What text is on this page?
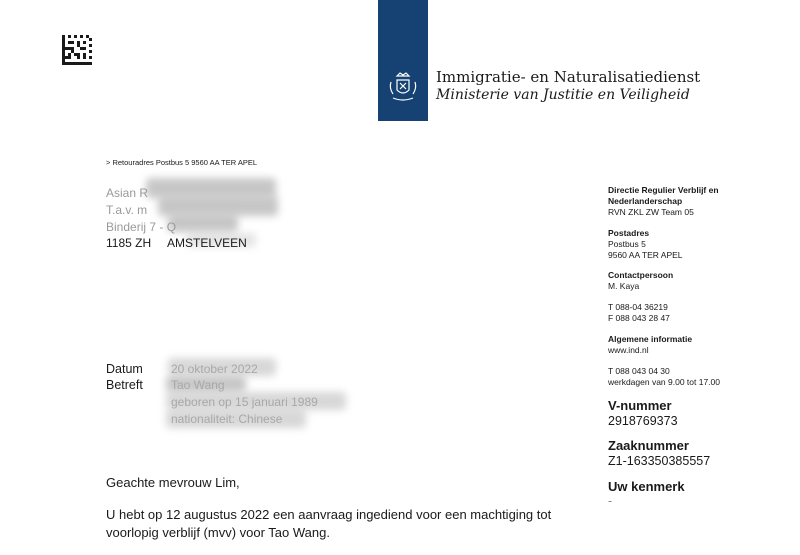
Immigratie- en Naturalisatiedienst
Ministerie van Justitie en Veiligheid
> Retouradres Postbus 5 9560 AA TER APEL
Asian R
T.a.v. m
Binderij 7 - Q
1185 ZH AMSTELVEEN
Datum 20 oktober 2022
Betreft Tao Wang
geboren op 15 januari 1989
nationaliteit: Chinese
Geachte mevrouw Lim,
U hebt op 12 augustus 2022 een aanvraag ingediend voor een machtiging tot
voorlopig verblijf (mvv) voor Tao Wang.
Directie Regulier Verblijf en
Nederlanderschap
RVN ZKL ZW Team 05
Postadres
Postbus 5
9560 AA TER APEL
Contactpersoon
M. Kaya
T 088-04 36219
F 088 043 28 47
Algemene informatie
www.ind.nl
T 088 043 04 30
werkdagen van 9.00 tot 17.00
V-nummer
2918769373
Zaaknummer
Z1-163350385557
Uw kenmerk
-
